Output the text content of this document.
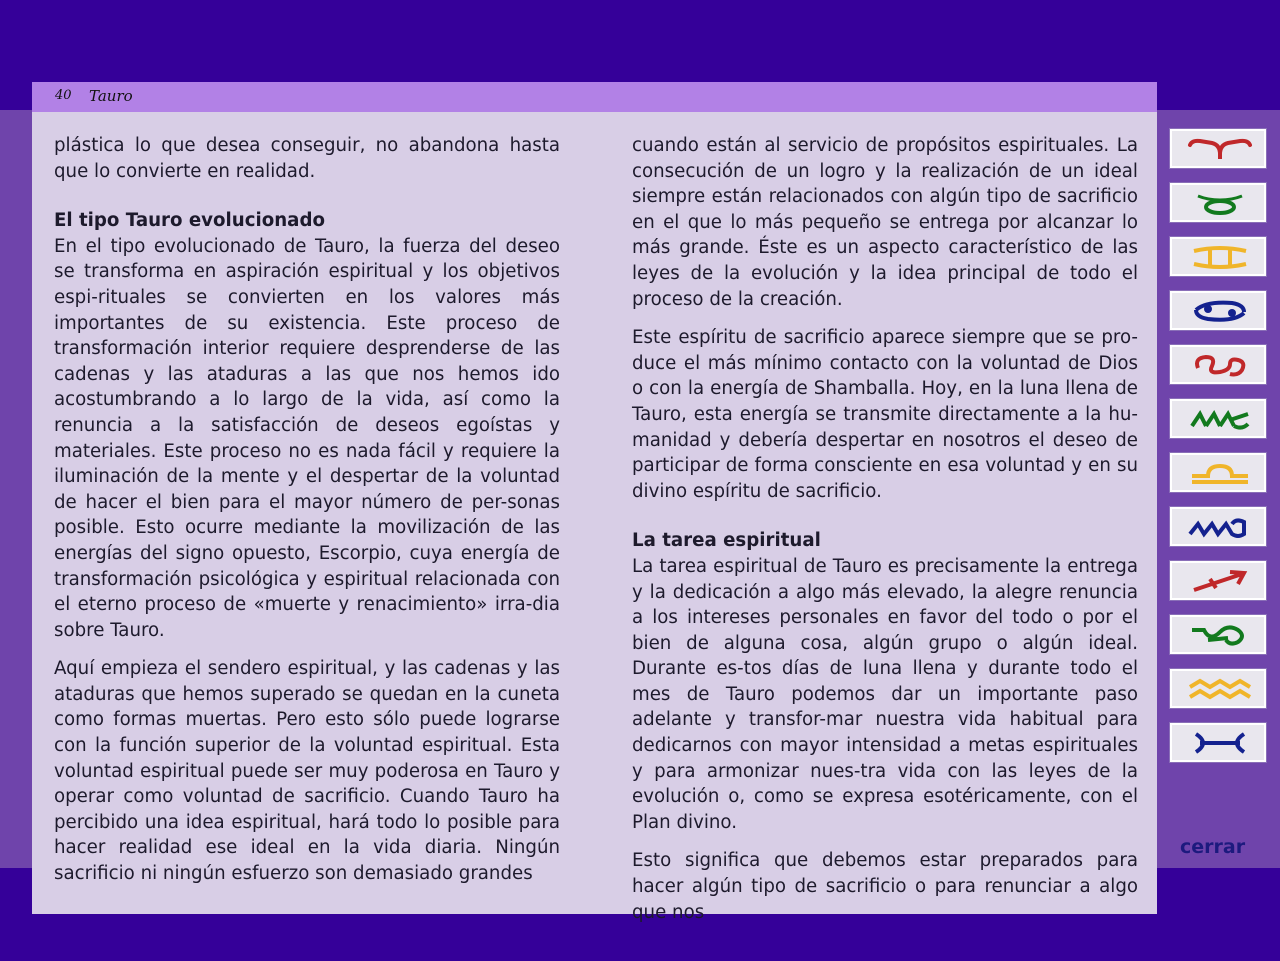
40 Tauro

plástica lo que desea conseguir, no abandona hasta que lo convierte en realidad.

El tipo Tauro evolucionado

En el tipo evolucionado de Tauro, la fuerza del deseo se transforma en aspiración espiritual y los objetivos espi-rituales se convierten en los valores más importantes de su existencia. Este proceso de transformación interior requiere desprenderse de las cadenas y las ataduras a las que nos hemos ido acostumbrando a lo largo de la vida, así como la renuncia a la satisfacción de deseos egoístas y materiales. Este proceso no es nada fácil y requiere la iluminación de la mente y el despertar de la voluntad de hacer el bien para el mayor número de per-sonas posible. Esto ocurre mediante la movilización de las energías del signo opuesto, Escorpio, cuya energía de transformación psicológica y espiritual relacionada con el eterno proceso de «muerte y renacimiento» irra-dia sobre Tauro.

Aquí empieza el sendero espiritual, y las cadenas y las ataduras que hemos superado se quedan en la cuneta como formas muertas. Pero esto sólo puede lograrse con la función superior de la voluntad espiritual. Esta voluntad espiritual puede ser muy poderosa en Tauro y operar como voluntad de sacrificio. Cuando Tauro ha percibido una idea espiritual, hará todo lo posible para hacer realidad ese ideal en la vida diaria. Ningún sacrificio ni ningún esfuerzo son demasiado grandes

cuando están al servicio de propósitos espirituales. La consecución de un logro y la realización de un ideal siempre están relacionados con algún tipo de sacrificio en el que lo más pequeño se entrega por alcanzar lo más grande. Éste es un aspecto característico de las leyes de la evolución y la idea principal de todo el proceso de la creación.

Este espíritu de sacrificio aparece siempre que se pro-duce el más mínimo contacto con la voluntad de Dios o con la energía de Shamballa. Hoy, en la luna llena de Tauro, esta energía se transmite directamente a la hu-manidad y debería despertar en nosotros el deseo de participar de forma consciente en esa voluntad y en su divino espíritu de sacrificio.

La tarea espiritual

La tarea espiritual de Tauro es precisamente la entrega y la dedicación a algo más elevado, la alegre renuncia a los intereses personales en favor del todo o por el bien de alguna cosa, algún grupo o algún ideal. Durante es-tos días de luna llena y durante todo el mes de Tauro podemos dar un importante paso adelante y transfor-mar nuestra vida habitual para dedicarnos con mayor intensidad a metas espirituales y para armonizar nues-tra vida con las leyes de la evolución o, como se expresa esotéricamente, con el Plan divino.

Esto significa que debemos estar preparados para hacer algún tipo de sacrificio o para renunciar a algo que nos

cerrar
